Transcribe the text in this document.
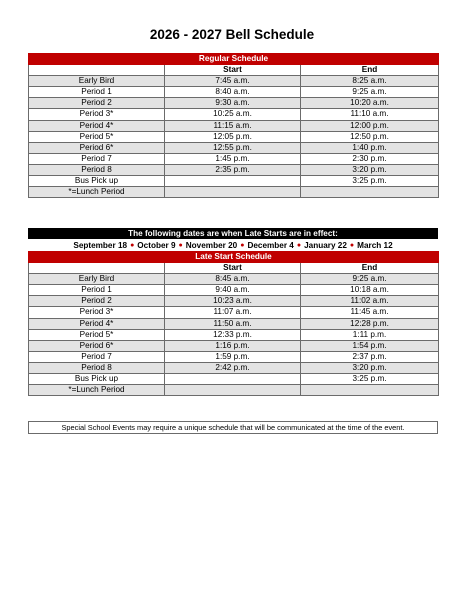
2026 - 2027 Bell Schedule
Regular Schedule		
	Start	End
Early Bird	7:45 a.m.	8:25 a.m.
Period 1	8:40 a.m.	9:25 a.m.
Period 2	9:30 a.m.	10:20 a.m.
Period 3*	10:25 a.m.	11:10 a.m.
Period 4*	11:15 a.m.	12:00 p.m.
Period 5*	12:05 p.m.	12:50 p.m.
Period 6*	12:55 p.m.	1:40 p.m.
Period 7	1:45 p.m.	2:30 p.m.
Period 8	2:35 p.m.	3:20 p.m.
Bus Pick up		3:25 p.m.
*=Lunch Period		
The following dates are when Late Starts are in effect:
September 18 ● October 9 ● November 20 ● December 4 ● January 22 ● March 12
Late Start Schedule		
	Start	End
Early Bird	8:45 a.m.	9:25 a.m.
Period 1	9:40 a.m.	10:18 a.m.
Period 2	10:23 a.m.	11:02 a.m.
Period 3*	11:07 a.m.	11:45 a.m.
Period 4*	11:50 a.m.	12:28 p.m.
Period 5*	12:33 p.m.	1:11 p.m.
Period 6*	1:16 p.m.	1:54 p.m.
Period 7	1:59 p.m.	2:37 p.m.
Period 8	2:42 p.m.	3:20 p.m.
Bus Pick up		3:25 p.m.
*=Lunch Period		
Special School Events may require a unique schedule that will be communicated at the time of the event.
